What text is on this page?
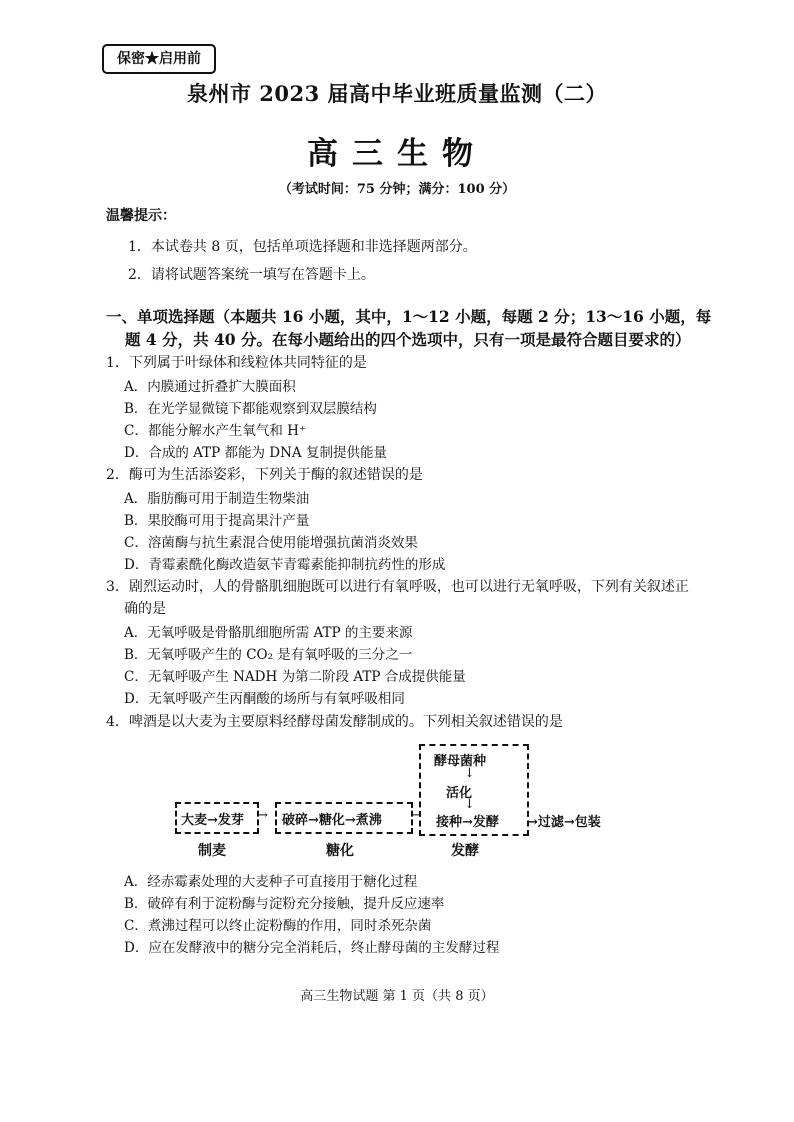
保密★启用前
泉州市 2023 届高中毕业班质量监测（二）
高三生物
（考试时间：75 分钟；满分：100 分）
温馨提示：
1．本试卷共 8 页，包括单项选择题和非选择题两部分。
2．请将试题答案统一填写在答题卡上。
一、单项选择题（本题共 16 小题，其中，1～12 小题，每题 2 分；13～16 小题，每
题 4 分，共 40 分。在每小题给出的四个选项中，只有一项是最符合题目要求的）
1．下列属于叶绿体和线粒体共同特征的是
A．内膜通过折叠扩大膜面积
B．在光学显微镜下都能观察到双层膜结构
C．都能分解水产生氧气和 H⁺
D．合成的 ATP 都能为 DNA 复制提供能量
2．酶可为生活添姿彩，下列关于酶的叙述错误的是
A．脂肪酶可用于制造生物柴油
B．果胶酶可用于提高果汁产量
C．溶菌酶与抗生素混合使用能增强抗菌消炎效果
D．青霉素酰化酶改造氨苄青霉素能抑制抗药性的形成
3．剧烈运动时，人的骨骼肌细胞既可以进行有氧呼吸，也可以进行无氧呼吸，下列有关叙述正
确的是
A．无氧呼吸是骨骼肌细胞所需 ATP 的主要来源
B．无氧呼吸产生的 CO₂ 是有氧呼吸的三分之一
C．无氧呼吸产生 NADH 为第二阶段 ATP 合成提供能量
D．无氧呼吸产生丙酮酸的场所与有氧呼吸相同
4．啤酒是以大麦为主要原料经酵母菌发酵制成的。下列相关叙述错误的是
大麦→发芽 → 破碎→糖化→煮沸 →
酵母菌种
↓
活化
↓
接种→发酵 →过滤→包装
制麦	糖化	发酵
A．经赤霉素处理的大麦种子可直接用于糖化过程
B．破碎有利于淀粉酶与淀粉充分接触，提升反应速率
C．煮沸过程可以终止淀粉酶的作用，同时杀死杂菌
D．应在发酵液中的糖分完全消耗后，终止酵母菌的主发酵过程
高三生物试题 第 1 页（共 8 页）
